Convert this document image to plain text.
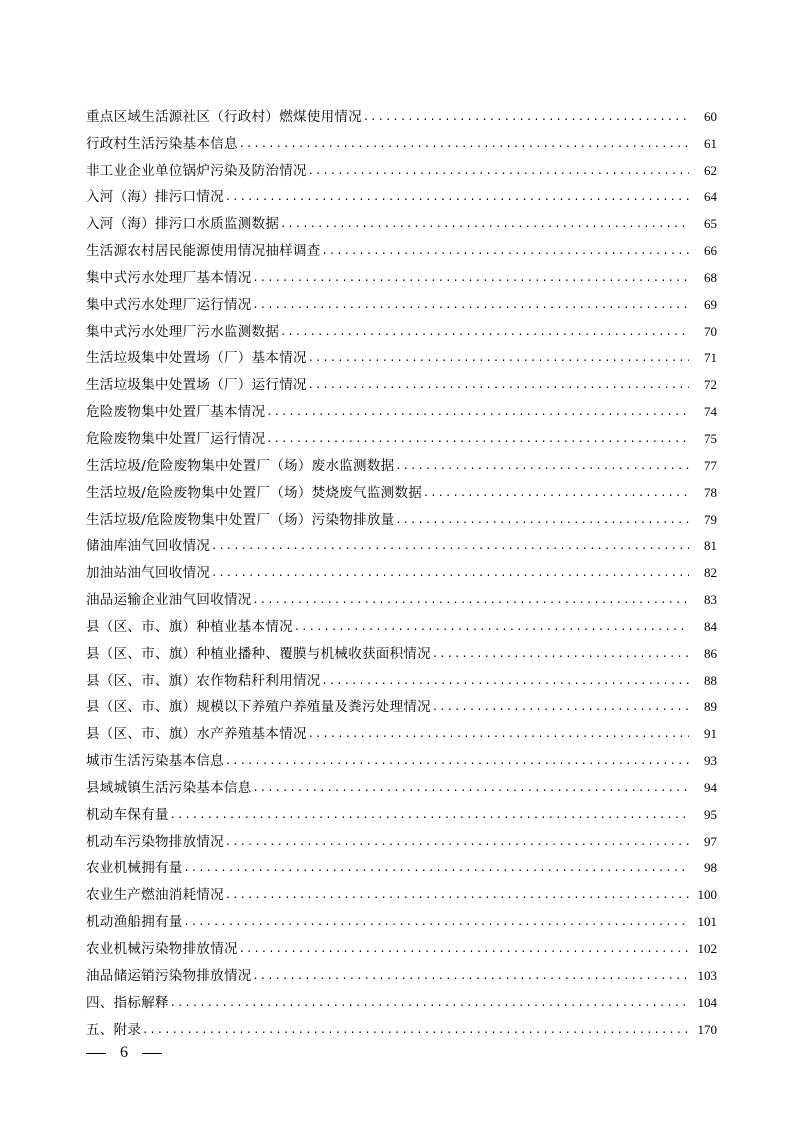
重点区域生活源社区（行政村）燃煤使用情况 .....	60
行政村生活污染基本信息 .....	61
非工业企业单位锅炉污染及防治情况 .....	62
入河（海）排污口情况 .....	64
入河（海）排污口水质监测数据 .....	65
生活源农村居民能源使用情况抽样调查 .....	66
集中式污水处理厂基本情况 .....	68
集中式污水处理厂运行情况 .....	69
集中式污水处理厂污水监测数据 .....	70
生活垃圾集中处置场（厂）基本情况 .....	71
生活垃圾集中处置场（厂）运行情况 .....	72
危险废物集中处置厂基本情况 .....	74
危险废物集中处置厂运行情况 .....	75
生活垃圾/危险废物集中处置厂（场）废水监测数据 .....	77
生活垃圾/危险废物集中处置厂（场）焚烧废气监测数据 .....	78
生活垃圾/危险废物集中处置厂（场）污染物排放量 .....	79
储油库油气回收情况 .....	81
加油站油气回收情况 .....	82
油品运输企业油气回收情况 .....	83
县（区、市、旗）种植业基本情况 .....	84
县（区、市、旗）种植业播种、覆膜与机械收获面积情况 .....	86
县（区、市、旗）农作物秸秆利用情况 .....	88
县（区、市、旗）规模以下养殖户养殖量及粪污处理情况 .....	89
县（区、市、旗）水产养殖基本情况 .....	91
城市生活污染基本信息 .....	93
县域城镇生活污染基本信息 .....	94
机动车保有量 .....	95
机动车污染物排放情况 .....	97
农业机械拥有量 .....	98
农业生产燃油消耗情况 .....	100
机动渔船拥有量 .....	101
农业机械污染物排放情况 .....	102
油品储运销污染物排放情况 .....	103
四、指标解释 .....	104
五、附录 .....	170
6
